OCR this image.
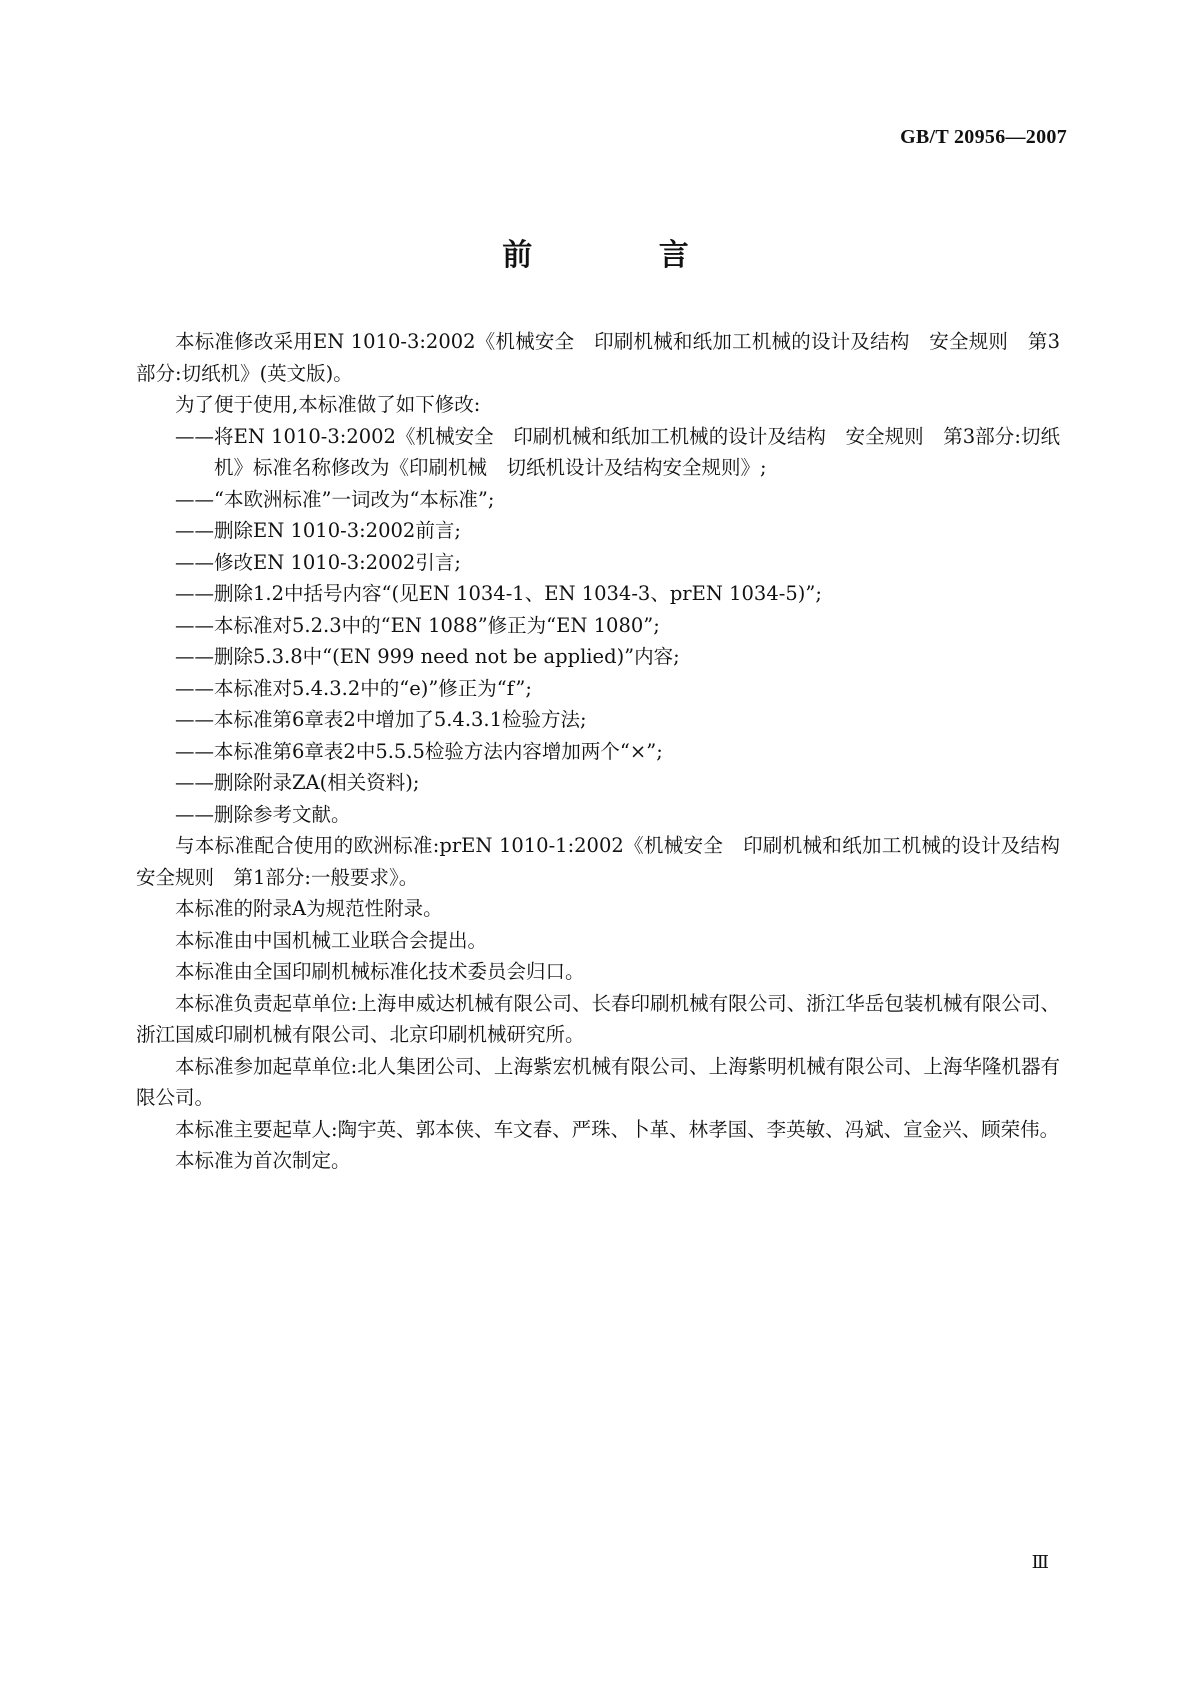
GB/T 20956—2007
前 言

本标准修改采用EN 1010-3:2002《机械安全　印刷机械和纸加工机械的设计及结构　安全规则　第3部分:切纸机》(英文版)。

为了便于使用,本标准做了如下修改:

——将EN 1010-3:2002《机械安全　印刷机械和纸加工机械的设计及结构　安全规则　第3部分:切纸机》标准名称修改为《印刷机械　切纸机设计及结构安全规则》;
——“本欧洲标准”一词改为“本标准”;
——删除EN 1010-3:2002前言;
——修改EN 1010-3:2002引言;
——删除1.2中括号内容“(见EN 1034-1、EN 1034-3、prEN 1034-5)”;
——本标准对5.2.3中的“EN 1088”修正为“EN 1080”;
——删除5.3.8中“(EN 999 need not be applied)”内容;
——本标准对5.4.3.2中的“e)”修正为“f”;
——本标准第6章表2中增加了5.4.3.1检验方法;
——本标准第6章表2中5.5.5检验方法内容增加两个“×”;
——删除附录ZA(相关资料);
——删除参考文献。

与本标准配合使用的欧洲标准:prEN 1010-1:2002《机械安全　印刷机械和纸加工机械的设计及结构　安全规则　第1部分:一般要求》。

本标准的附录A为规范性附录。

本标准由中国机械工业联合会提出。

本标准由全国印刷机械标准化技术委员会归口。

本标准负责起草单位:上海申威达机械有限公司、长春印刷机械有限公司、浙江华岳包装机械有限公司、浙江国威印刷机械有限公司、北京印刷机械研究所。

本标准参加起草单位:北人集团公司、上海紫宏机械有限公司、上海紫明机械有限公司、上海华隆机器有限公司。

本标准主要起草人:陶宇英、郭本侠、车文春、严珠、卜革、林孝国、李英敏、冯斌、宣金兴、顾荣伟。

本标准为首次制定。

Ⅲ
